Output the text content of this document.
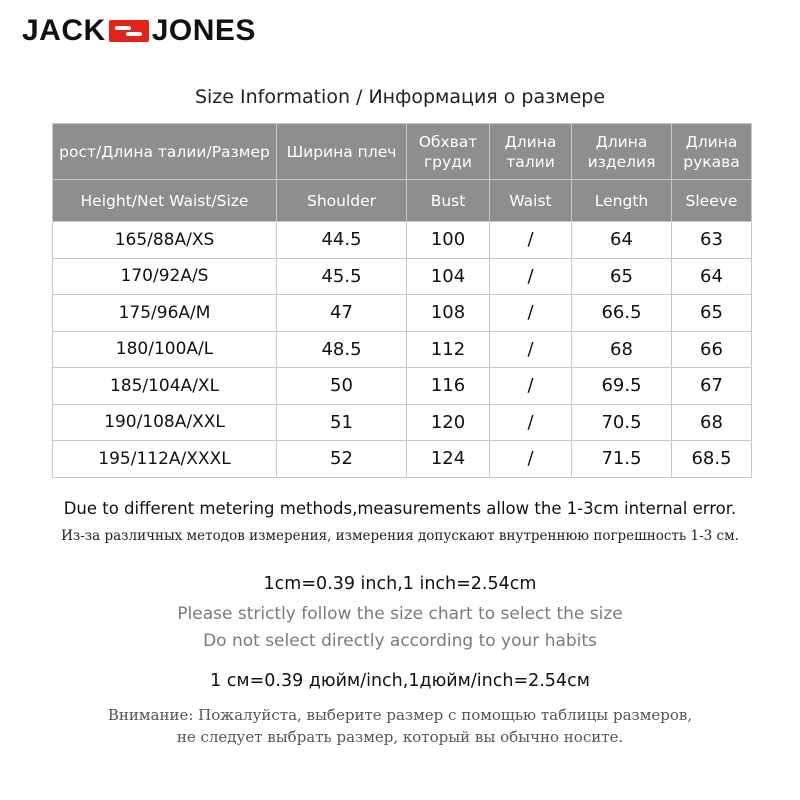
JACK JONES
Size Information / Информация о размере
рост/Длина талии/Размер	Ширина плеч	Обхват груди	Длина талии	Длина изделия	Длина рукава
Height/Net Waist/Size	Shoulder	Bust	Waist	Length	Sleeve
165/88A/XS	44.5	100	/	64	63
170/92A/S	45.5	104	/	65	64
175/96A/M	47	108	/	66.5	65
180/100A/L	48.5	112	/	68	66
185/104A/XL	50	116	/	69.5	67
190/108A/XXL	51	120	/	70.5	68
195/112A/XXXL	52	124	/	71.5	68.5
Due to different metering methods,measurements allow the 1-3cm internal error.
Из-за различных методов измерения, измерения допускают внутреннюю погрешность 1-3 см.
1cm=0.39 inch,1 inch=2.54cm
Please strictly follow the size chart to select the size
Do not select directly according to your habits
1 см=0.39 дюйм/inch,1дюйм/inch=2.54см
Внимание: Пожалуйста, выберите размер с помощью таблицы размеров,
не следует выбрать размер, который вы обычно носите.
